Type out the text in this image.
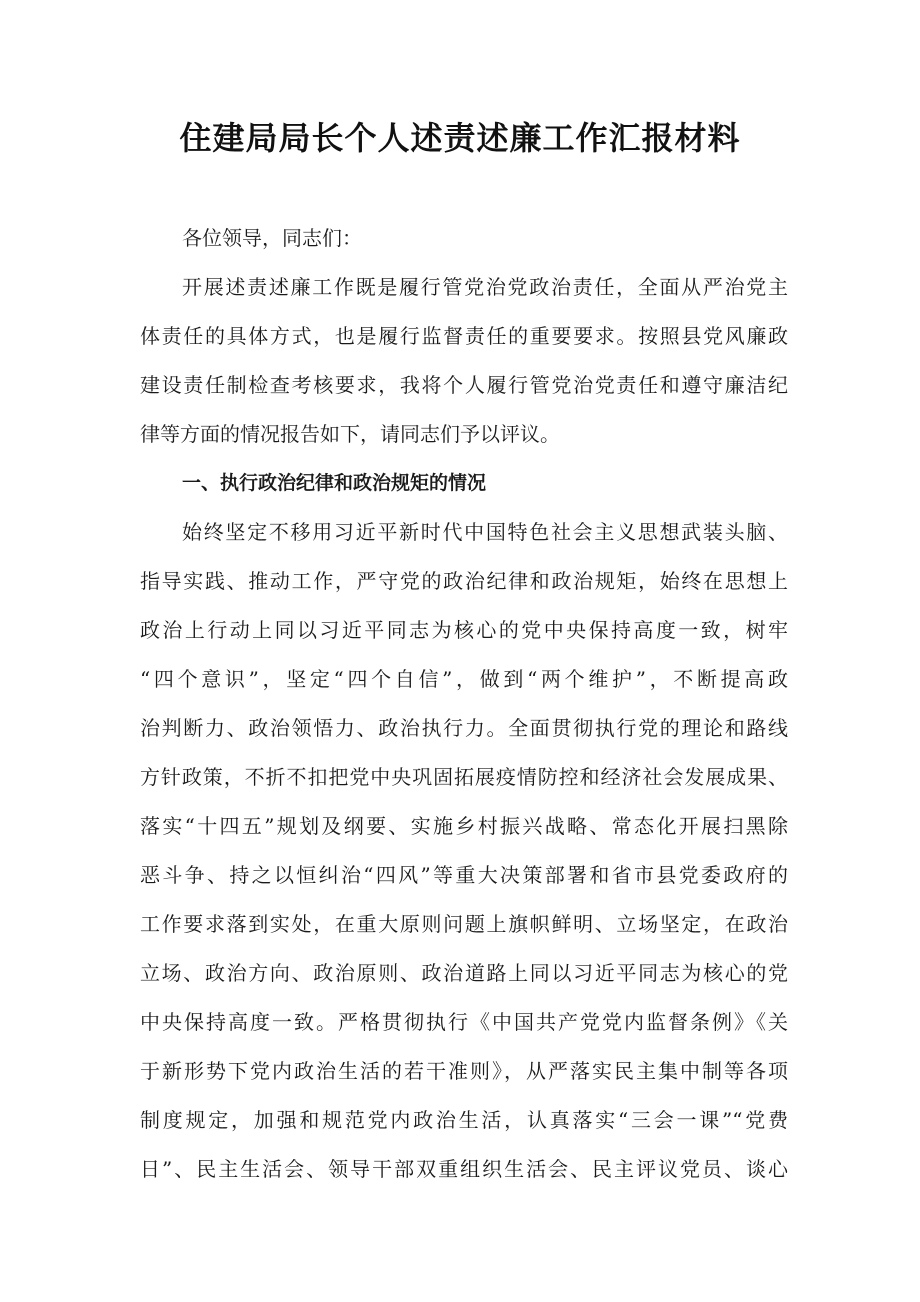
住建局局长个人述责述廉工作汇报材料
各位领导，同志们：
开展述责述廉工作既是履行管党治党政治责任，全面从严治党主
体责任的具体方式，也是履行监督责任的重要要求。按照县党风廉政
建设责任制检查考核要求，我将个人履行管党治党责任和遵守廉洁纪
律等方面的情况报告如下，请同志们予以评议。
一、执行政治纪律和政治规矩的情况
始终坚定不移用习近平新时代中国特色社会主义思想武装头脑、
指导实践、推动工作，严守党的政治纪律和政治规矩，始终在思想上
政治上行动上同以习近平同志为核心的党中央保持高度一致，树牢
“四个意识”，坚定“四个自信”，做到“两个维护”，不断提高政
治判断力、政治领悟力、政治执行力。全面贯彻执行党的理论和路线
方针政策，不折不扣把党中央巩固拓展疫情防控和经济社会发展成果、
落实“十四五”规划及纲要、实施乡村振兴战略、常态化开展扫黑除
恶斗争、持之以恒纠治“四风”等重大决策部署和省市县党委政府的
工作要求落到实处，在重大原则问题上旗帜鲜明、立场坚定，在政治
立场、政治方向、政治原则、政治道路上同以习近平同志为核心的党
中央保持高度一致。严格贯彻执行《中国共产党党内监督条例》《关
于新形势下党内政治生活的若干准则》，从严落实民主集中制等各项
制度规定，加强和规范党内政治生活，认真落实“三会一课”“党费
日”、民主生活会、领导干部双重组织生活会、民主评议党员、谈心
